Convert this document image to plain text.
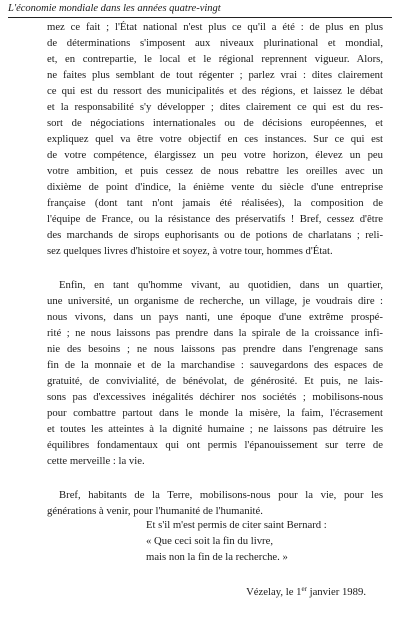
L'économie mondiale dans les années quatre-vingt
mez ce fait ; l'État national n'est plus ce qu'il a été : de plus en plus
de déterminations s'imposent aux niveaux plurinational et mondial,
et, en contrepartie, le local et le régional reprennent vigueur. Alors,
ne faites plus semblant de tout régenter ; parlez vrai : dites clairement
ce qui est du ressort des municipalités et des régions, et laissez le débat
et la responsabilité s'y développer ; dites clairement ce qui est du res-
sort de négociations internationales ou de décisions européennes, et
expliquez quel va être votre objectif en ces instances. Sur ce qui est
de votre compétence, élargissez un peu votre horizon, élevez un peu
votre ambition, et puis cessez de nous rebattre les oreilles avec un
dixième de point d'indice, la énième vente du siècle d'une entreprise
française (dont tant n'ont jamais été réalisées), la composition de
l'équipe de France, ou la résistance des préservatifs ! Bref, cessez d'être
des marchands de sirops euphorisants ou de potions de charlatans ; reli-
sez quelques livres d'histoire et soyez, à votre tour, hommes d'État.
Enfin, en tant qu'homme vivant, au quotidien, dans un quartier,
une université, un organisme de recherche, un village, je voudrais dire :
nous vivons, dans un pays nanti, une époque d'une extrême prospé-
rité ; ne nous laissons pas prendre dans la spirale de la croissance infi-
nie des besoins ; ne nous laissons pas prendre dans l'engrenage sans
fin de la monnaie et de la marchandise : sauvegardons des espaces de
gratuité, de convivialité, de bénévolat, de générosité. Et puis, ne lais-
sons pas d'excessives inégalités déchirer nos sociétés ; mobilisons-nous
pour combattre partout dans le monde la misère, la faim, l'écrasement
et toutes les atteintes à la dignité humaine ; ne laissons pas détruire les
équilibres fondamentaux qui ont permis l'épanouissement sur terre de
cette merveille : la vie.
Bref, habitants de la Terre, mobilisons-nous pour la vie, pour les
générations à venir, pour l'humanité de l'humanité.
Et s'il m'est permis de citer saint Bernard :
« Que ceci soit la fin du livre,
mais non la fin de la recherche. »
Vézelay, le 1er janvier 1989.
